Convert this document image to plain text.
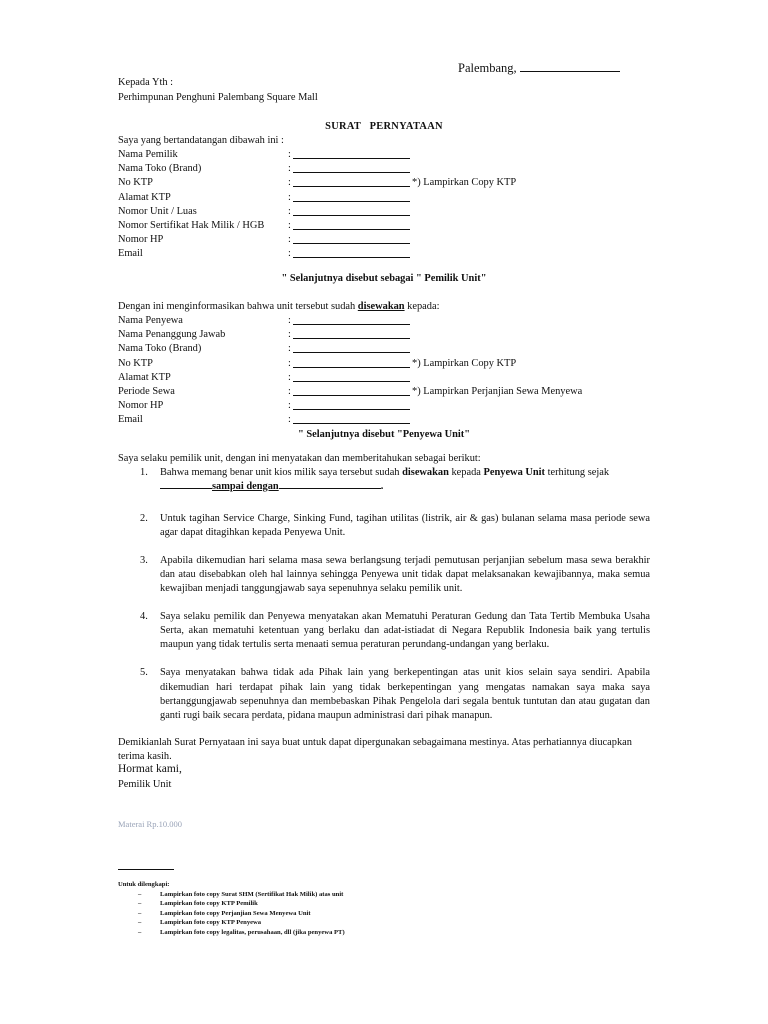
Palembang,
Kepada Yth :
Perhimpunan Penghuni Palembang Square Mall
SURAT   PERNYATAAN
Saya yang bertandatangan dibawah ini :
Nama Pemilik	:
Nama Toko (Brand)	:
No KTP	:	*) Lampirkan Copy KTP
Alamat KTP	:
Nomor Unit / Luas	:
Nomor Sertifikat Hak Milik / HGB :
Nomor HP	:
Email	:
" Selanjutnya disebut sebagai " Pemilik Unit"
Dengan ini menginformasikan bahwa unit tersebut sudah disewakan kepada:
Nama Penyewa	:
Nama Penanggung Jawab	:
Nama Toko (Brand)	:
No KTP	:	*) Lampirkan Copy KTP
Alamat KTP	:
Periode Sewa	:	*) Lampirkan Perjanjian Sewa Menyewa
Nomor HP	:
Email	:
" Selanjutnya disebut "Penyewa Unit"
Saya selaku pemilik unit, dengan ini menyatakan dan memberitahukan sebagai berikut:
1. Bahwa memang benar unit kios milik saya tersebut sudah disewakan kepada Penyewa Unit terhitung sejak
sampai dengan	.
2. Untuk tagihan Service Charge, Sinking Fund, tagihan utilitas (listrik, air & gas) bulanan selama masa periode sewa agar dapat ditagihkan kepada Penyewa Unit.
3. Apabila dikemudian hari selama masa sewa berlangsung terjadi pemutusan perjanjian sebelum masa sewa berakhir dan atau disebabkan oleh hal lainnya sehingga Penyewa unit tidak dapat melaksanakan kewajibannya, maka semua kewajiban menjadi tanggungjawab saya sepenuhnya selaku pemilik unit.
4. Saya selaku pemilik dan Penyewa menyatakan akan Mematuhi Peraturan Gedung dan Tata Tertib Membuka Usaha Serta, akan mematuhi ketentuan yang berlaku dan adat-istiadat di Negara Republik Indonesia baik yang tertulis maupun yang tidak tertulis serta menaati semua peraturan perundang-undangan yang berlaku.
5. Saya menyatakan bahwa tidak ada Pihak lain yang berkepentingan atas unit kios selain saya sendiri. Apabila dikemudian hari terdapat pihak lain yang tidak berkepentingan yang mengatas namakan saya maka saya bertanggungjawab sepenuhnya dan membebaskan Pihak Pengelola dari segala bentuk tuntutan dan atau gugatan dan ganti rugi baik secara perdata, pidana maupun administrasi dari pihak manapun.
Demikianlah Surat Pernyataan ini saya buat untuk dapat dipergunakan sebagaimana mestinya. Atas perhatiannya diucapkan terima kasih.
Hormat kami,
Pemilik Unit
Materai Rp.10.000
Untuk dilengkapi:
–	Lampirkan foto copy Surat SHM (Sertifikat Hak Milik) atas unit
–	Lampirkan foto copy KTP Pemilik
–	Lampirkan foto copy Perjanjian Sewa Menyewa Unit
–	Lampirkan foto copy KTP Penyewa
–	Lampirkan foto copy legalitas, perusahaan, dll (jika penyewa PT)
